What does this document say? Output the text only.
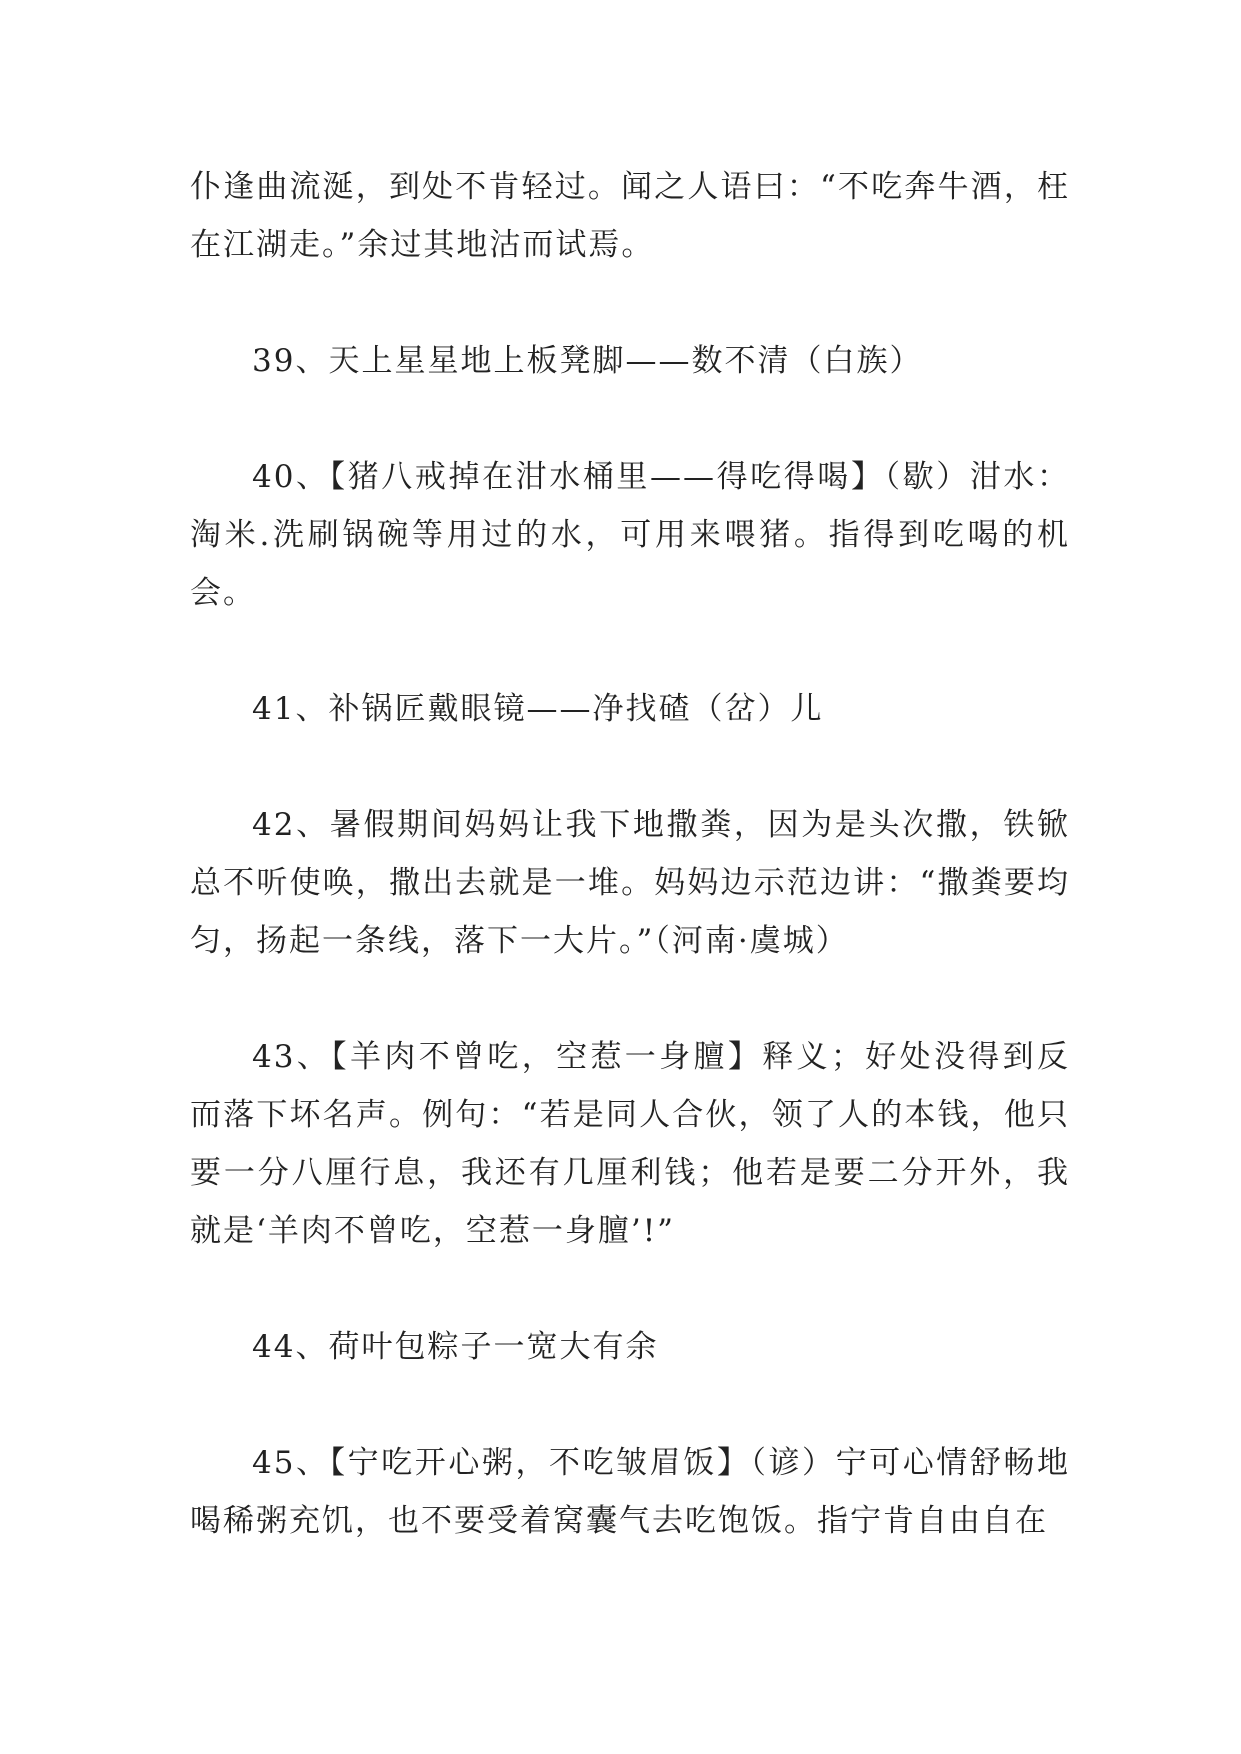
仆逢曲流涎，到处不肯轻过。闻之人语曰：“不吃奔牛酒，枉在江湖走。”余过其地沽而试焉。

39、天上星星地上板凳脚——数不清（白族）

40、【猪八戒掉在泔水桶里——得吃得喝】（歇）泔水：淘米.洗刷锅碗等用过的水，可用来喂猪。指得到吃喝的机会。

41、补锅匠戴眼镜——净找碴（岔）儿

42、暑假期间妈妈让我下地撒粪，因为是头次撒，铁锨总不听使唤，撒出去就是一堆。妈妈边示范边讲：“撒粪要均匀，扬起一条线，落下一大片。”（河南·虞城）

43、【羊肉不曾吃，空惹一身膻】释义；好处没得到反而落下坏名声。例句：“若是同人合伙，领了人的本钱，他只要一分八厘行息，我还有几厘利钱；他若是要二分开外，我就是‘羊肉不曾吃，空惹一身膻’!”

44、荷叶包粽子一宽大有余

45、【宁吃开心粥，不吃皱眉饭】（谚）宁可心情舒畅地喝稀粥充饥，也不要受着窝囊气去吃饱饭。指宁肯自由自在
